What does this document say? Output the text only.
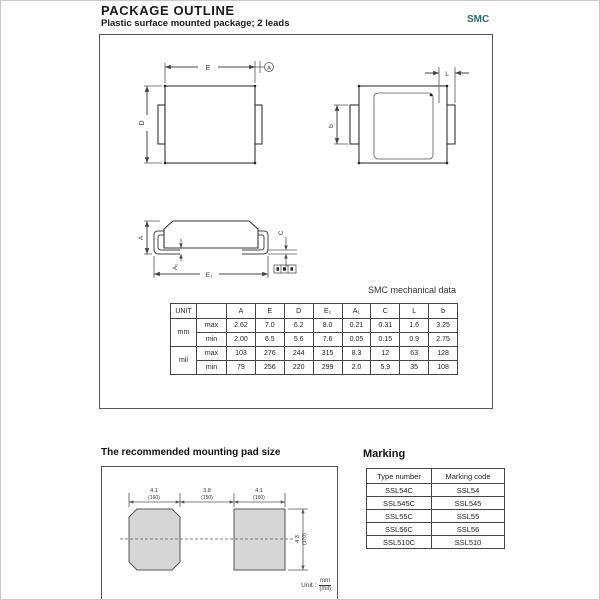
PACKAGE OUTLINE
Plastic surface mounted package; 2 leads	SMC
E	A
D
L
b
A
A₁
E₁
C
SMC mechanical data
UNIT		A	E	D	E₁	A₁	C	L	b
mm	max	2.62	7.0	6.2	8.0	0.21	0.31	1.6	3.25
	min	2.00	6.5	5.6	7.6	0.05	0.15	0.9	2.75
mil	max	103	276	244	315	8.3	12	63	128
	min	79	256	220	299	2.0	5.9	35	108
The recommended mounting pad size
4.1
(160)
3.8
(150)
4.1
(160)
4.3 (170)
Unit : $\frac{mm}{\text{(mil)}}$
Marking
Type number	Marking code
SSL54C	SSL54
SSL545C	SSL545
SSL55C	SSL55
SSL56C	SSL56
SSL510C	SSL510
